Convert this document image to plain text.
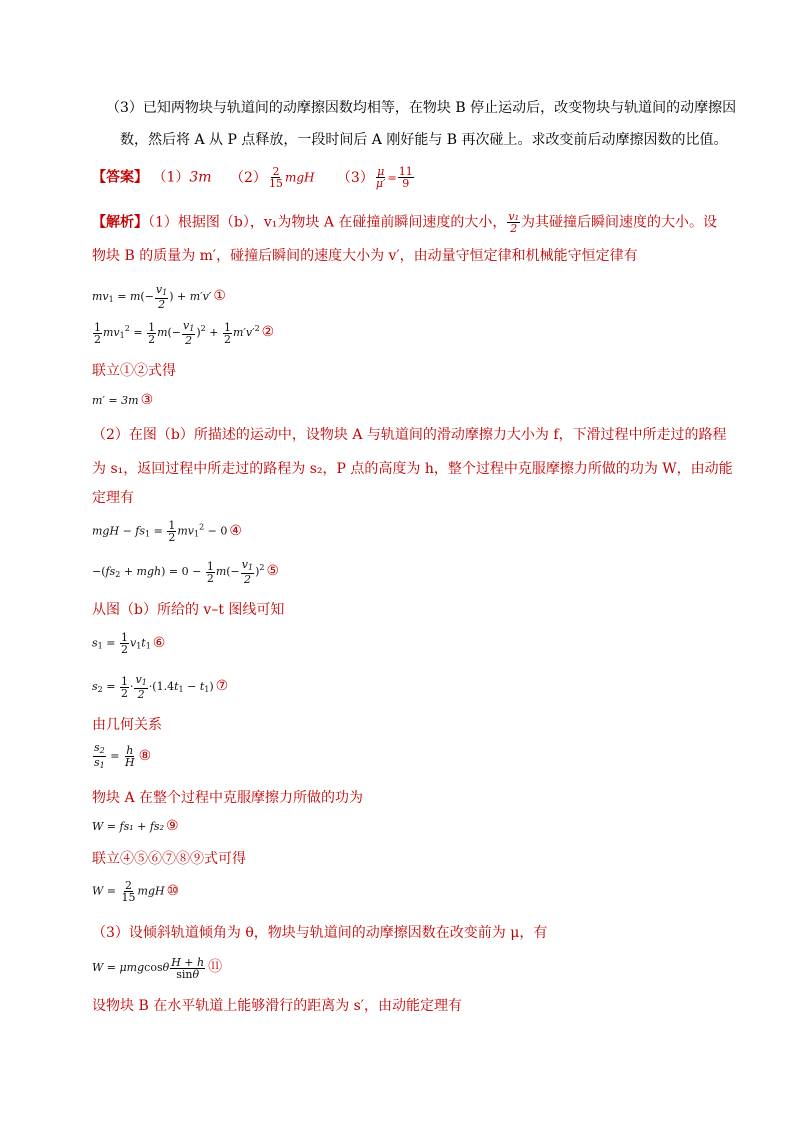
（3）已知两物块与轨道间的动摩擦因数均相等，在物块 B 停止运动后，改变物块与轨道间的动摩擦因
数，然后将 A 从 P 点释放，一段时间后 A 刚好能与 B 再次碰上。求改变前后动摩擦因数的比值。
【答案】 （1）3m $(2) \frac{2}{15}$ mgH $(3) \frac{\mu}{\mu'} = \frac{11}{9}$
【解析】（1）根据图（b），v₁为物块 A 在碰撞前瞬间速度的大小， $\frac{\text{v₁}}{2}$ 为其碰撞后瞬间速度的大小。设
物块 B 的质量为 m′，碰撞后瞬间的速度大小为 v′，由动量守恒定律和机械能守恒定律有
$mv_1 = m(- \frac{v_1}{2}$ ) + m′v′ ①
$\frac{1}{2} mv_1^2 = \frac{1}{2} m(- \frac{v_1}{2} )^2 + \frac{1}{2} m'v'^2$ ②
联立①②式得
m′ = 3m ③
（2）在图（b）所描述的运动中，设物块 A 与轨道间的滑动摩擦力大小为 f，下滑过程中所走过的路程
为 s₁，返回过程中所走过的路程为 s₂，P 点的高度为 h，整个过程中克服摩擦力所做的功为 W，由动能
定理有
mgH − $fs_1 = \frac{1}{2} mv_1^2 - 0$ ④
$-(fs_2 + mgh) = 0 - \frac{1}{2} m(- \frac{v_1}{2} )^2$ ⑤
从图（b）所给的 v–t 图线可知
$s_1 = \frac{1}{2} v_1t_1$ ⑥
$s_2 = \frac{1}{2} \cdot \frac{v_1}{2} \cdot(1.4t_1 - t_1)$ ⑦
由几何关系
$\frac{s_2}{s_1} = \frac{h}{H}$ ⑧
物块 A 在整个过程中克服摩擦力所做的功为
W = fs₁ + fs₂ ⑨
联立④⑤⑥⑦⑧⑨式可得
$W = \frac{2}{15}$ mgH ⑩
（3）设倾斜轨道倾角为 θ，物块与轨道间的动摩擦因数在改变前为 μ，有
W = μmgcosθ $\frac{H + h}{\sin\theta}$ ⑪
设物块 B 在水平轨道上能够滑行的距离为 s′，由动能定理有
